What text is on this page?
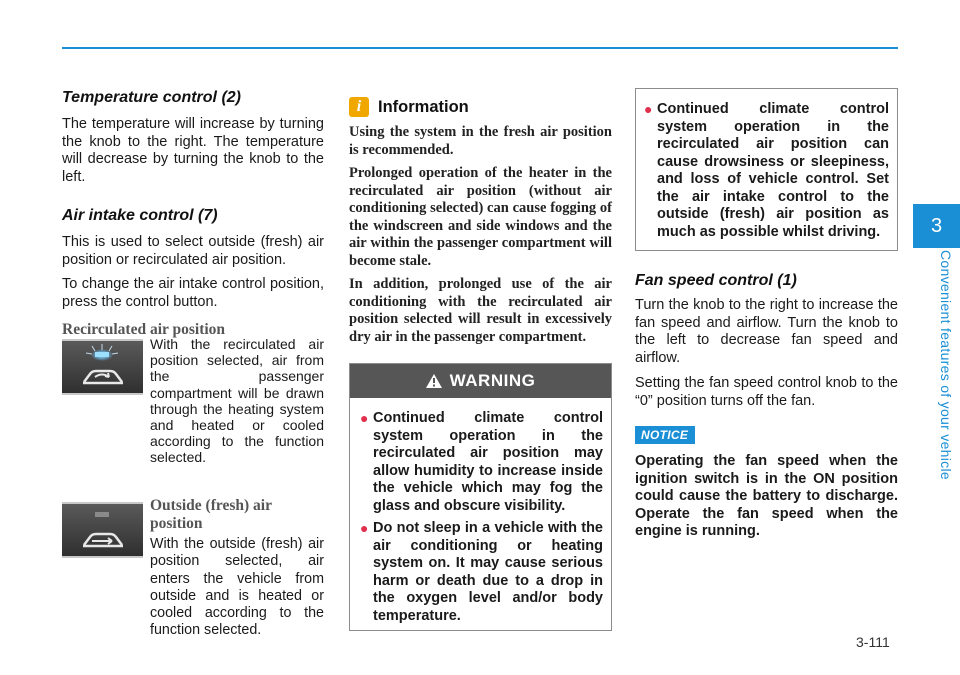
3
Convenient features of your vehicle
Temperature control (2)

The temperature will increase by turning the knob to the right. The temperature will decrease by turning the knob to the left.

Air intake control (7)

This is used to select outside (fresh) air position or recirculated air position.

To change the air intake control position, press the control button.

Recirculated air position

With the recirculated air position selected, air from the passenger compartment will be drawn through the heating system and heated or cooled according to the function selected.

Outside (fresh) air position

With the outside (fresh) air position selected, air enters the vehicle from outside and is heated or cooled according to the function selected.

i	Information

Using the system in the fresh air position is recommended.

Prolonged operation of the heater in the recirculated air position (without air conditioning selected) can cause fogging of the windscreen and side windows and the air within the passenger compartment will become stale.

In addition, prolonged use of the air conditioning with the recirculated air position selected will result in excessively dry air in the passenger compartment.

WARNING
● Continued climate control system operation in the recirculated air position may allow humidity to increase inside the vehicle which may fog the glass and obscure visibility.
● Do not sleep in a vehicle with the air conditioning or heating system on. It may cause serious harm or death due to a drop in the oxygen level and/or body temperature.
● Continued climate control system operation in the recirculated air position can cause drowsiness or sleepiness, and loss of vehicle control. Set the air intake control to the outside (fresh) air position as much as possible whilst driving.
Fan speed control (1)

Turn the knob to the right to increase the fan speed and airflow. Turn the knob to the left to decrease fan speed and airflow.

Setting the fan speed control knob to the “0” position turns off the fan.

NOTICE

Operating the fan speed when the ignition switch is in the ON position could cause the battery to discharge. Operate the fan speed when the engine is running.

3-111
